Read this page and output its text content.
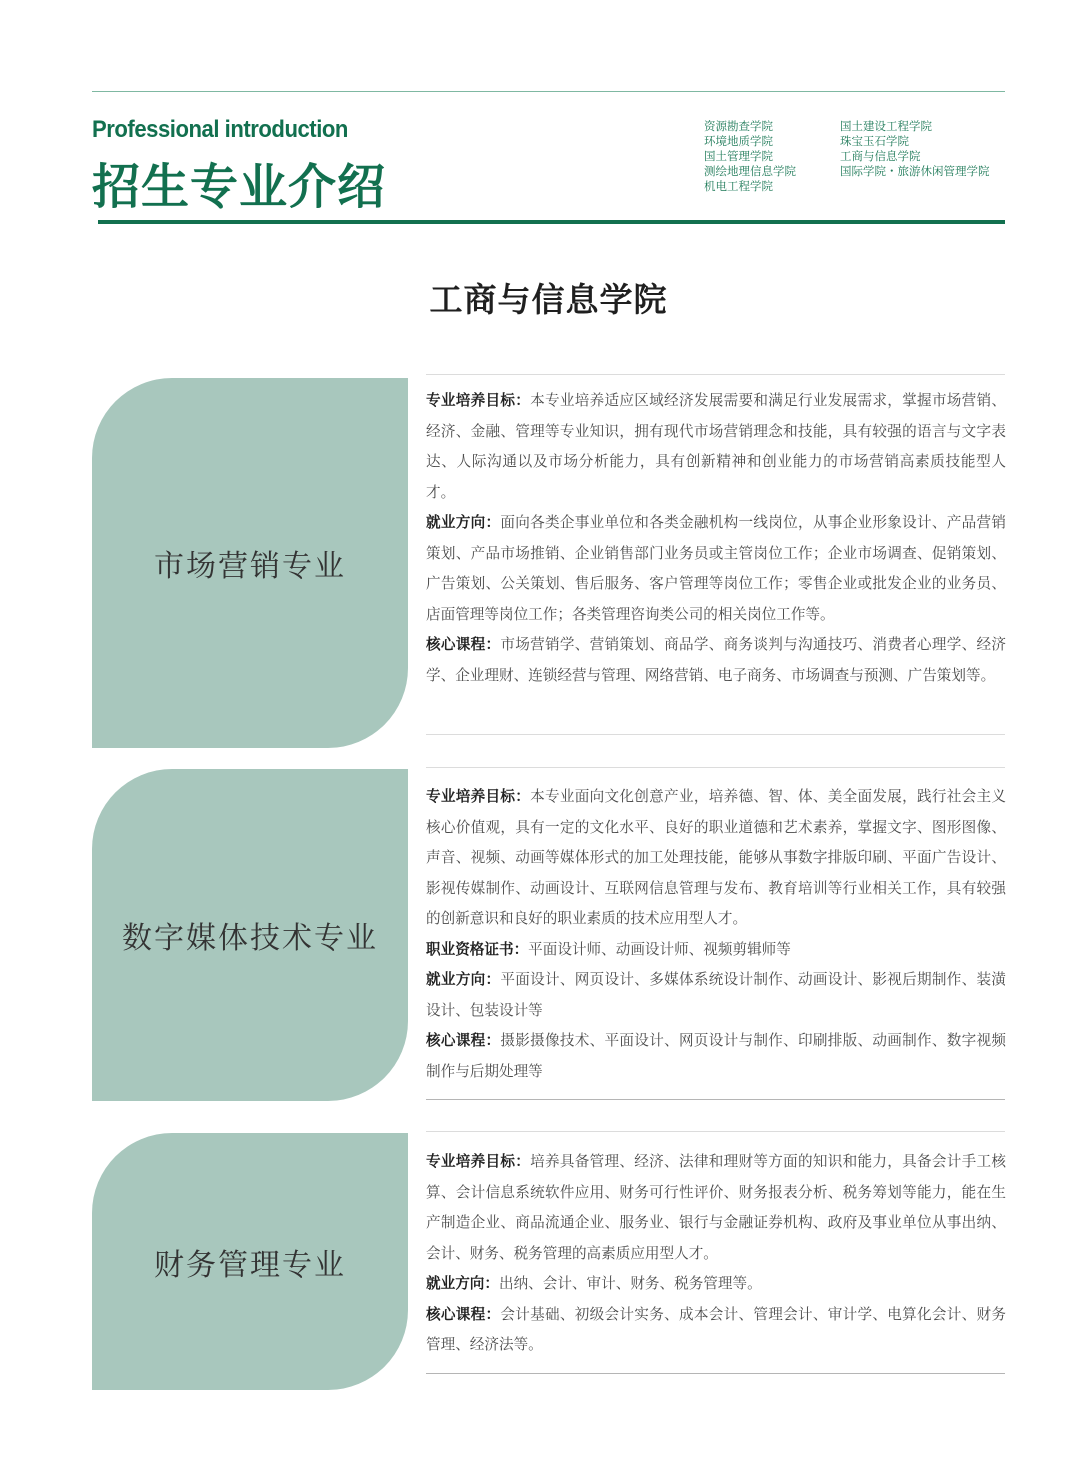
Professional introduction
招生专业介绍
资源勘查学院
环境地质学院
国土管理学院
测绘地理信息学院
机电工程学院
国土建设工程学院
珠宝玉石学院
工商与信息学院
国际学院・旅游休闲管理学院
工商与信息学院
市场营销专业

专业培养目标：本专业培养适应区域经济发展需要和满足行业发展需求，掌握市场营销、经济、金融、管理等专业知识，拥有现代市场营销理念和技能，具有较强的语言与文字表达、人际沟通以及市场分析能力，具有创新精神和创业能力的市场营销高素质技能型人才。

就业方向：面向各类企事业单位和各类金融机构一线岗位，从事企业形象设计、产品营销策划、产品市场推销、企业销售部门业务员或主管岗位工作；企业市场调查、促销策划、广告策划、公关策划、售后服务、客户管理等岗位工作；零售企业或批发企业的业务员、店面管理等岗位工作；各类管理咨询类公司的相关岗位工作等。

核心课程：市场营销学、营销策划、商品学、商务谈判与沟通技巧、消费者心理学、经济学、企业理财、连锁经营与管理、网络营销、电子商务、市场调查与预测、广告策划等。

数字媒体技术专业

专业培养目标：本专业面向文化创意产业，培养德、智、体、美全面发展，践行社会主义核心价值观，具有一定的文化水平、良好的职业道德和艺术素养，掌握文字、图形图像、声音、视频、动画等媒体形式的加工处理技能，能够从事数字排版印刷、平面广告设计、影视传媒制作、动画设计、互联网信息管理与发布、教育培训等行业相关工作，具有较强的创新意识和良好的职业素质的技术应用型人才。

职业资格证书：平面设计师、动画设计师、视频剪辑师等

就业方向：平面设计、网页设计、多媒体系统设计制作、动画设计、影视后期制作、装潢设计、包装设计等

核心课程：摄影摄像技术、平面设计、网页设计与制作、印刷排版、动画制作、数字视频制作与后期处理等

财务管理专业

专业培养目标：培养具备管理、经济、法律和理财等方面的知识和能力，具备会计手工核算、会计信息系统软件应用、财务可行性评价、财务报表分析、税务筹划等能力，能在生产制造企业、商品流通企业、服务业、银行与金融证券机构、政府及事业单位从事出纳、会计、财务、税务管理的高素质应用型人才。

就业方向：出纳、会计、审计、财务、税务管理等。

核心课程：会计基础、初级会计实务、成本会计、管理会计、审计学、电算化会计、财务管理、经济法等。
